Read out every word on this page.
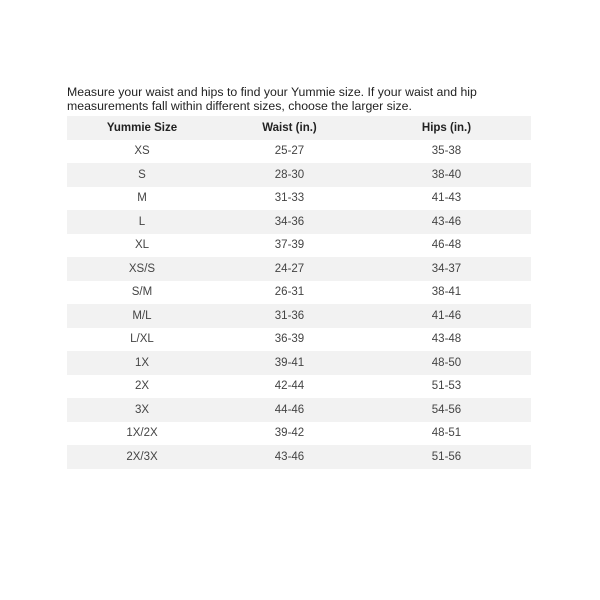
Measure your waist and hips to find your Yummie size. If your waist and hip measurements fall within different sizes, choose the larger size.

Yummie Size	Waist (in.)	Hips (in.)
XS	25-27	35-38
S	28-30	38-40
M	31-33	41-43
L	34-36	43-46
XL	37-39	46-48
XS/S	24-27	34-37
S/M	26-31	38-41
M/L	31-36	41-46
L/XL	36-39	43-48
1X	39-41	48-50
2X	42-44	51-53
3X	44-46	54-56
1X/2X	39-42	48-51
2X/3X	43-46	51-56
